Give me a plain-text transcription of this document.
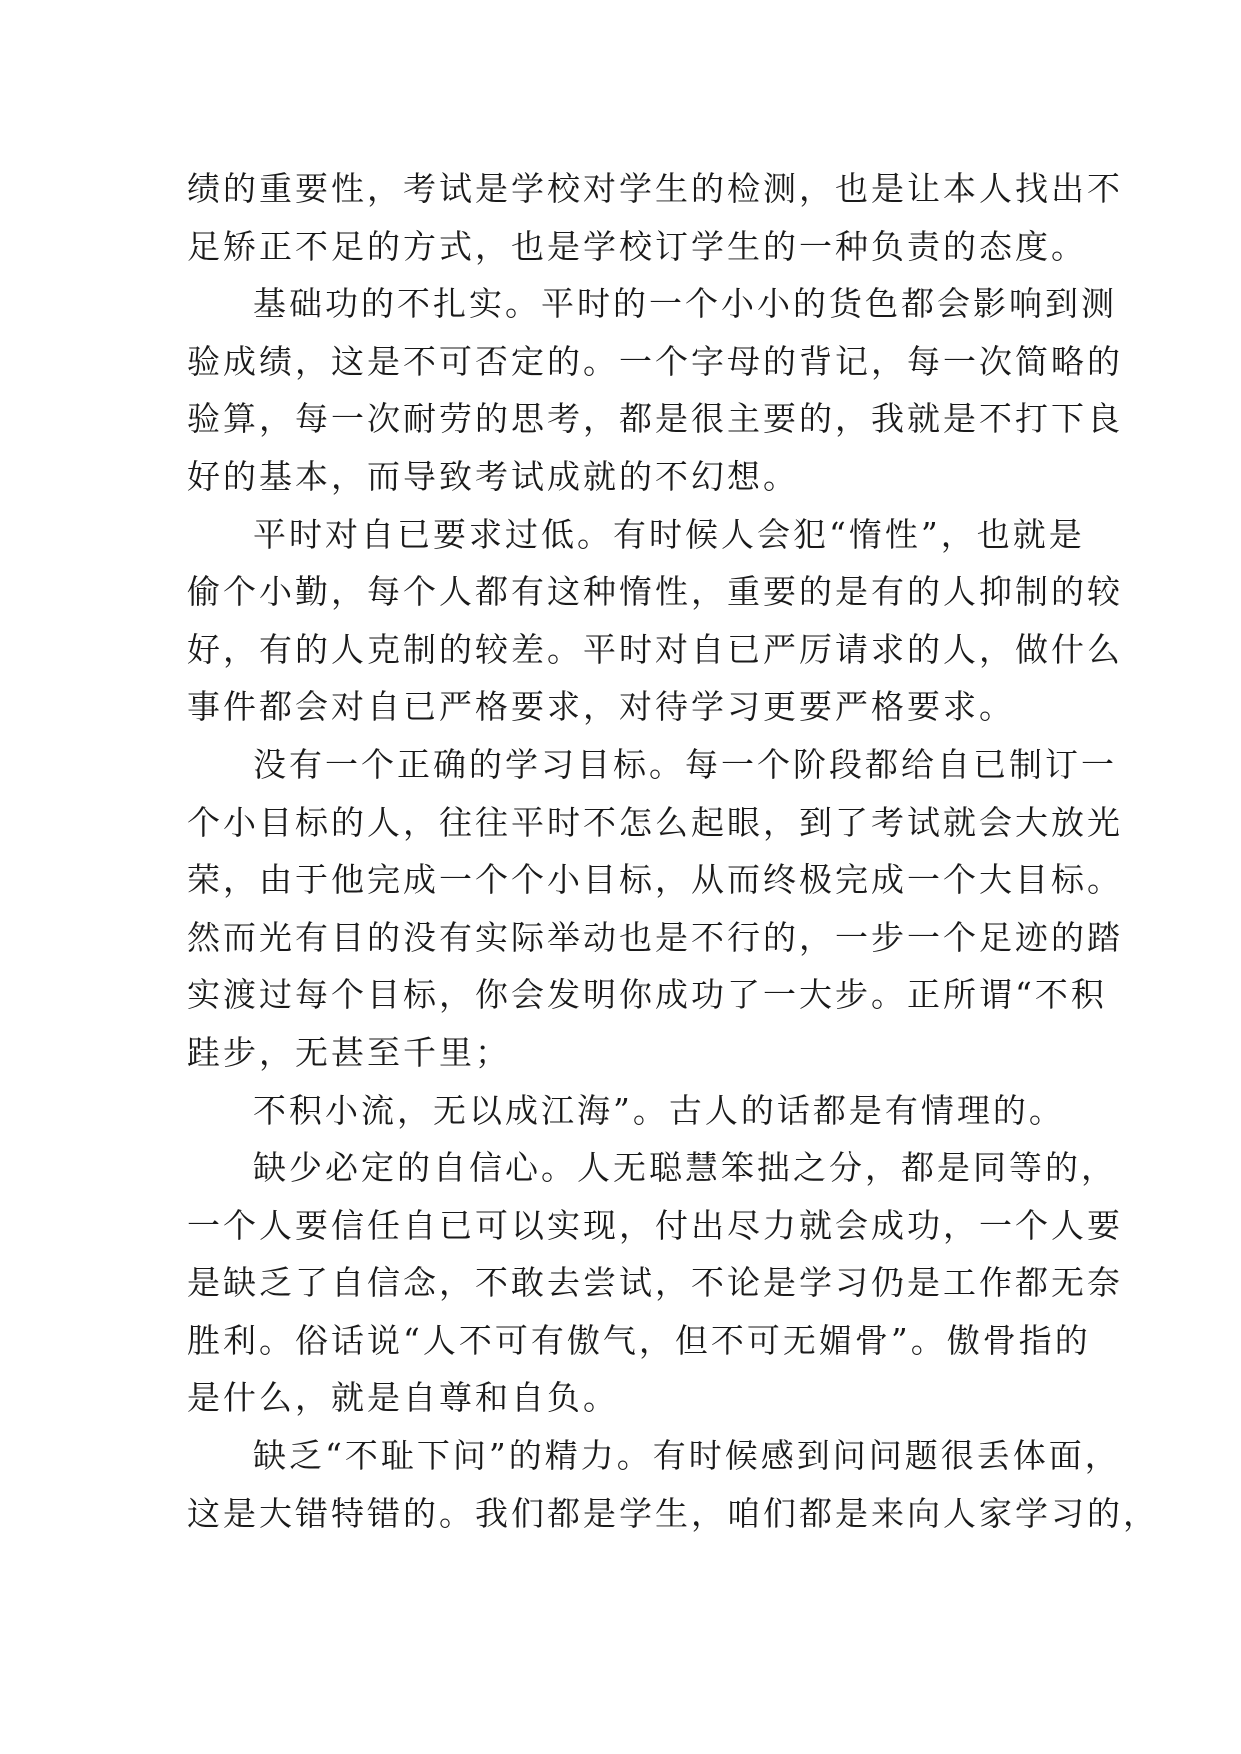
绩的重要性，考试是学校对学生的检测，也是让本人找出不
足矫正不足的方式，也是学校订学生的一种负责的态度。
基础功的不扎实。平时的一个小小的货色都会影响到测
验成绩，这是不可否定的。一个字母的背记，每一次简略的
验算，每一次耐劳的思考，都是很主要的，我就是不打下良
好的基本，而导致考试成就的不幻想。
平时对自已要求过低。有时候人会犯“惰性”，也就是
偷个小勤，每个人都有这种惰性，重要的是有的人抑制的较
好，有的人克制的较差。平时对自已严厉请求的人，做什么
事件都会对自已严格要求，对待学习更要严格要求。
没有一个正确的学习目标。每一个阶段都给自已制订一
个小目标的人，往往平时不怎么起眼，到了考试就会大放光
荣，由于他完成一个个小目标，从而终极完成一个大目标。
然而光有目的没有实际举动也是不行的，一步一个足迹的踏
实渡过每个目标，你会发明你成功了一大步。正所谓“不积
跬步，无甚至千里；
不积小流，无以成江海”。古人的话都是有情理的。
缺少必定的自信心。人无聪慧笨拙之分，都是同等的，
一个人要信任自已可以实现，付出尽力就会成功，一个人要
是缺乏了自信念，不敢去尝试，不论是学习仍是工作都无奈
胜利。俗话说“人不可有傲气，但不可无媚骨”。傲骨指的
是什么，就是自尊和自负。
缺乏“不耻下问”的精力。有时候感到问问题很丢体面，
这是大错特错的。我们都是学生，咱们都是来向人家学习的，
